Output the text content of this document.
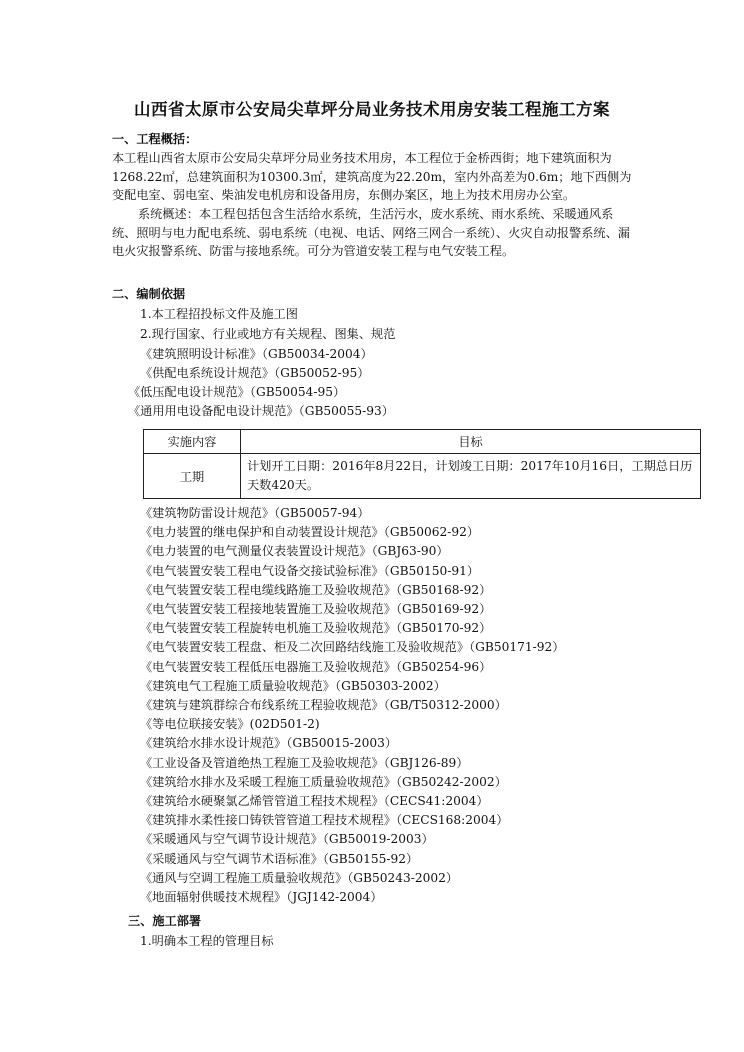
山西省太原市公安局尖草坪分局业务技术用房安装工程施工方案
一、工程概括：
本工程山西省太原市公安局尖草坪分局业务技术用房，本工程位于金桥西街；地下建筑面积为1268.22㎡，总建筑面积为10300.3㎡，建筑高度为22.20m，室内外高差为0.6m；地下西侧为变配电室、弱电室、柴油发电机房和设备用房，东侧办案区，地上为技术用房办公室。
系统概述：本工程包括包含生活给水系统，生活污水，废水系统、雨水系统、采暖通风系统、照明与电力配电系统、弱电系统（电视、电话、网络三网合一系统）、火灾自动报警系统、漏电火灾报警系统、防雷与接地系统。可分为管道安装工程与电气安装工程。
二、编制依据
1.本工程招投标文件及施工图
2.现行国家、行业或地方有关规程、图集、规范
《建筑照明设计标准》（GB50034-2004）
《供配电系统设计规范》（GB50052-95）
《低压配电设计规范》（GB50054-95）
《通用用电设备配电设计规范》（GB50055-93）
实施内容	目标
工期	计划开工日期：2016年8月22日，计划竣工日期：2017年10月16日，工期总日历天数420天。
《建筑物防雷设计规范》（GB50057-94）
《电力装置的继电保护和自动装置设计规范》（GB50062-92）
《电力装置的电气测量仪表装置设计规范》（GBJ63-90）
《电气装置安装工程电气设备交接试验标准》（GB50150-91）
《电气装置安装工程电缆线路施工及验收规范》（GB50168-92）
《电气装置安装工程接地装置施工及验收规范》（GB50169-92）
《电气装置安装工程旋转电机施工及验收规范》（GB50170-92）
《电气装置安装工程盘、柜及二次回路结线施工及验收规范》（GB50171-92）
《电气装置安装工程低压电器施工及验收规范》（GB50254-96）
《建筑电气工程施工质量验收规范》（GB50303-2002）
《建筑与建筑群综合布线系统工程验收规范》（GB/T50312-2000）
《等电位联接安装》(02D501-2)
《建筑给水排水设计规范》（GB50015-2003）
《工业设备及管道绝热工程施工及验收规范》（GBJ126-89）
《建筑给水排水及采暖工程施工质量验收规范》（GB50242-2002）
《建筑给水硬聚氯乙烯管管道工程技术规程》（CECS41:2004）
《建筑排水柔性接口铸铁管管道工程技术规程》（CECS168:2004）
《采暖通风与空气调节设计规范》（GB50019-2003）
《采暖通风与空气调节术语标准》（GB50155-92）
《通风与空调工程施工质量验收规范》（GB50243-2002）
《地面辐射供暖技术规程》（JGJ142-2004）
三、施工部署
1.明确本工程的管理目标
